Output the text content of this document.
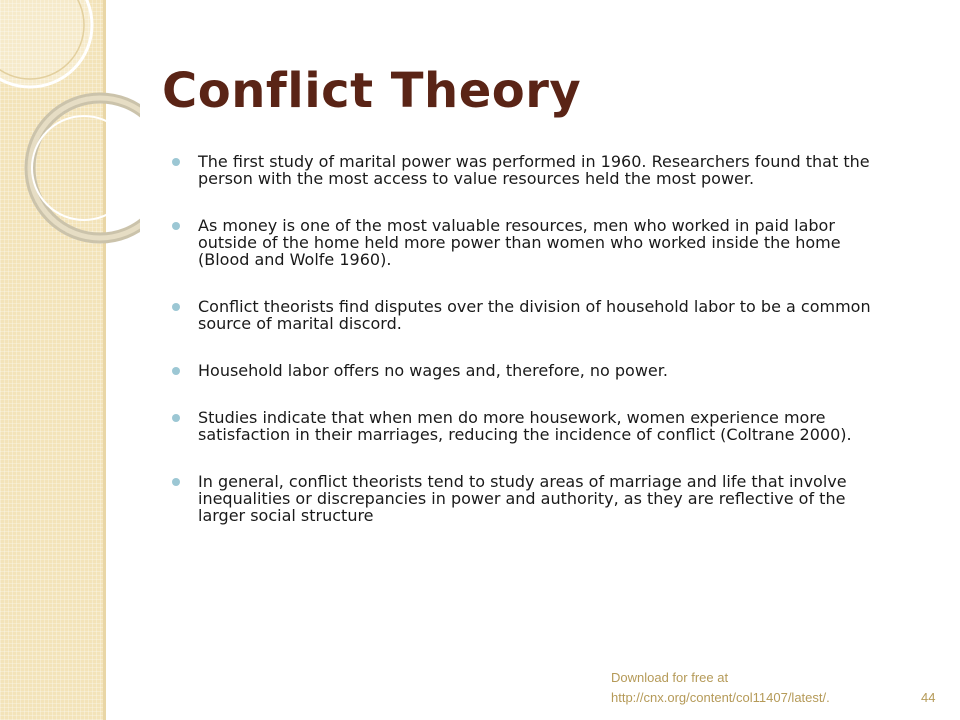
Conflict Theory
The first study of marital power was performed in 1960. Researchers found that the person with the most access to value resources held the most power.
As money is one of the most valuable resources, men who worked in paid labor outside of the home held more power than women who worked inside the home (Blood and Wolfe 1960).
Conflict theorists find disputes over the division of household labor to be a common source of marital discord.
Household labor offers no wages and, therefore, no power.
Studies indicate that when men do more housework, women experience more satisfaction in their marriages, reducing the incidence of conflict (Coltrane 2000).
In general, conflict theorists tend to study areas of marriage and life that involve inequalities or discrepancies in power and authority, as they are reflective of the larger social structure
Download for free at
http://cnx.org/content/col11407/latest/.	44
